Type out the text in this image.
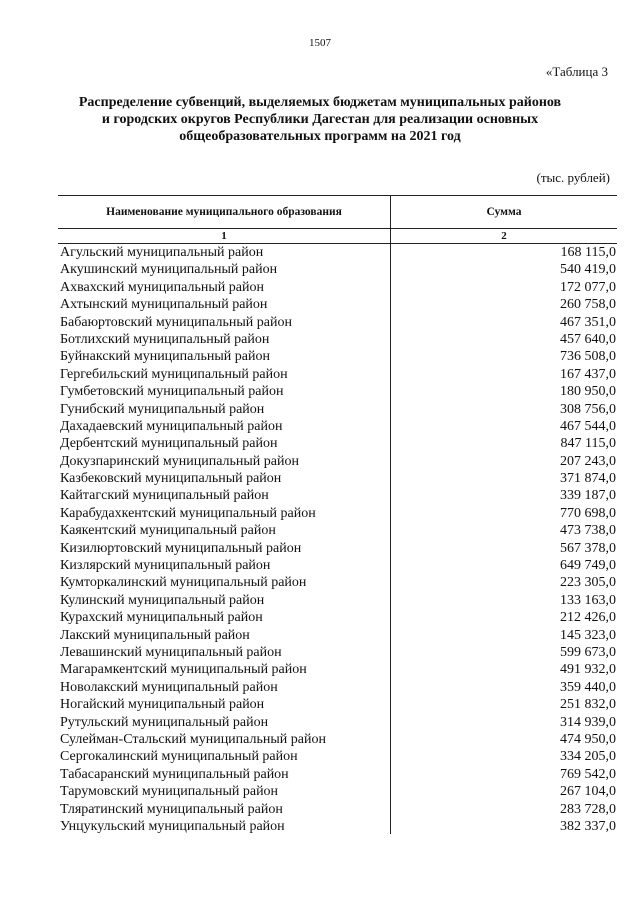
1507
«Таблица 3
Распределение субвенций, выделяемых бюджетам муниципальных районов
и городских округов Республики Дагестан для реализации основных
общеобразовательных программ на 2021 год
(тыс. рублей)
Наименование муниципального образования	Сумма
1	2
Агульский муниципальный район	168 115,0
Акушинский муниципальный район	540 419,0
Ахвахский муниципальный район	172 077,0
Ахтынский муниципальный район	260 758,0
Бабаюртовский муниципальный район	467 351,0
Ботлихский муниципальный район	457 640,0
Буйнакский муниципальный район	736 508,0
Гергебильский муниципальный район	167 437,0
Гумбетовский муниципальный район	180 950,0
Гунибский муниципальный район	308 756,0
Дахадаевский муниципальный район	467 544,0
Дербентский муниципальный район	847 115,0
Докузпаринский муниципальный район	207 243,0
Казбековский муниципальный район	371 874,0
Кайтагский муниципальный район	339 187,0
Карабудахкентский муниципальный район	770 698,0
Каякентский муниципальный район	473 738,0
Кизилюртовский муниципальный район	567 378,0
Кизлярский муниципальный район	649 749,0
Кумторкалинский муниципальный район	223 305,0
Кулинский муниципальный район	133 163,0
Курахский муниципальный район	212 426,0
Лакский муниципальный район	145 323,0
Левашинский муниципальный район	599 673,0
Магарамкентский муниципальный район	491 932,0
Новолакский муниципальный район	359 440,0
Ногайский муниципальный район	251 832,0
Рутульский муниципальный район	314 939,0
Сулейман-Стальский муниципальный район	474 950,0
Сергокалинский муниципальный район	334 205,0
Табасаранский муниципальный район	769 542,0
Тарумовский муниципальный район	267 104,0
Тляратинский муниципальный район	283 728,0
Унцукульский муниципальный район	382 337,0
